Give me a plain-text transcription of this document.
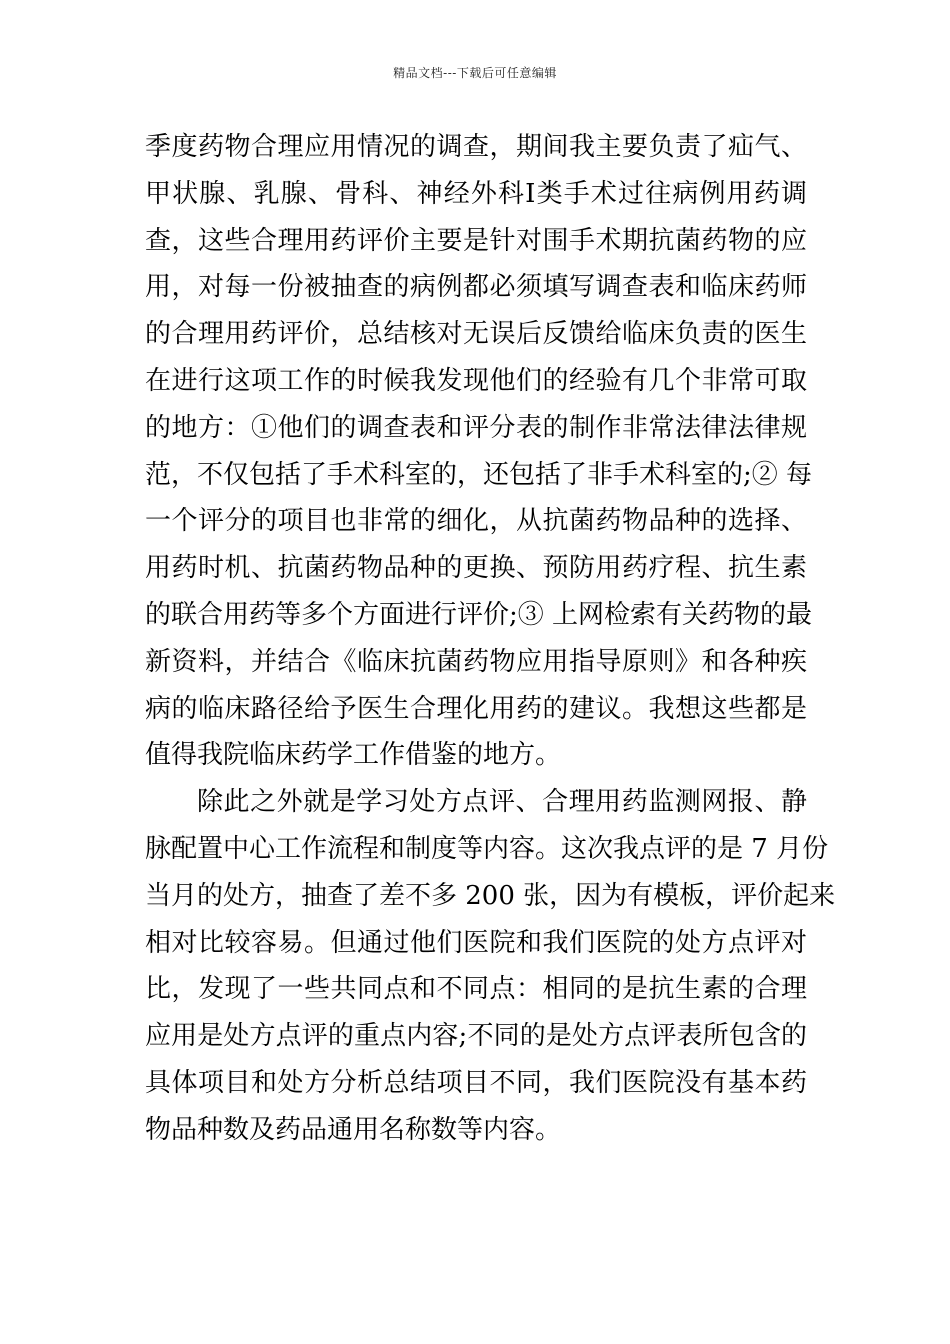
精品文档---下载后可任意编辑
季度药物合理应用情况的调查，期间我主要负责了疝气、
甲状腺、乳腺、骨科、神经外科Ⅰ类手术过往病例用药调
查，这些合理用药评价主要是针对围手术期抗菌药物的应
用，对每一份被抽查的病例都必须填写调查表和临床药师
的合理用药评价，总结核对无误后反馈给临床负责的医生
在进行这项工作的时候我发现他们的经验有几个非常可取
的地方：①他们的调查表和评分表的制作非常法律法律规
范，不仅包括了手术科室的，还包括了非手术科室的;② 每
一个评分的项目也非常的细化，从抗菌药物品种的选择、
用药时机、抗菌药物品种的更换、预防用药疗程、抗生素
的联合用药等多个方面进行评价;③ 上网检索有关药物的最
新资料，并结合《临床抗菌药物应用指导原则》和各种疾
病的临床路径给予医生合理化用药的建议。我想这些都是
值得我院临床药学工作借鉴的地方。
除此之外就是学习处方点评、合理用药监测网报、静
脉配置中心工作流程和制度等内容。这次我点评的是 7 月份
当月的处方，抽查了差不多 200 张，因为有模板，评价起来
相对比较容易。但通过他们医院和我们医院的处方点评对
比，发现了一些共同点和不同点：相同的是抗生素的合理
应用是处方点评的重点内容;不同的是处方点评表所包含的
具体项目和处方分析总结项目不同，我们医院没有基本药
物品种数及药品通用名称数等内容。
